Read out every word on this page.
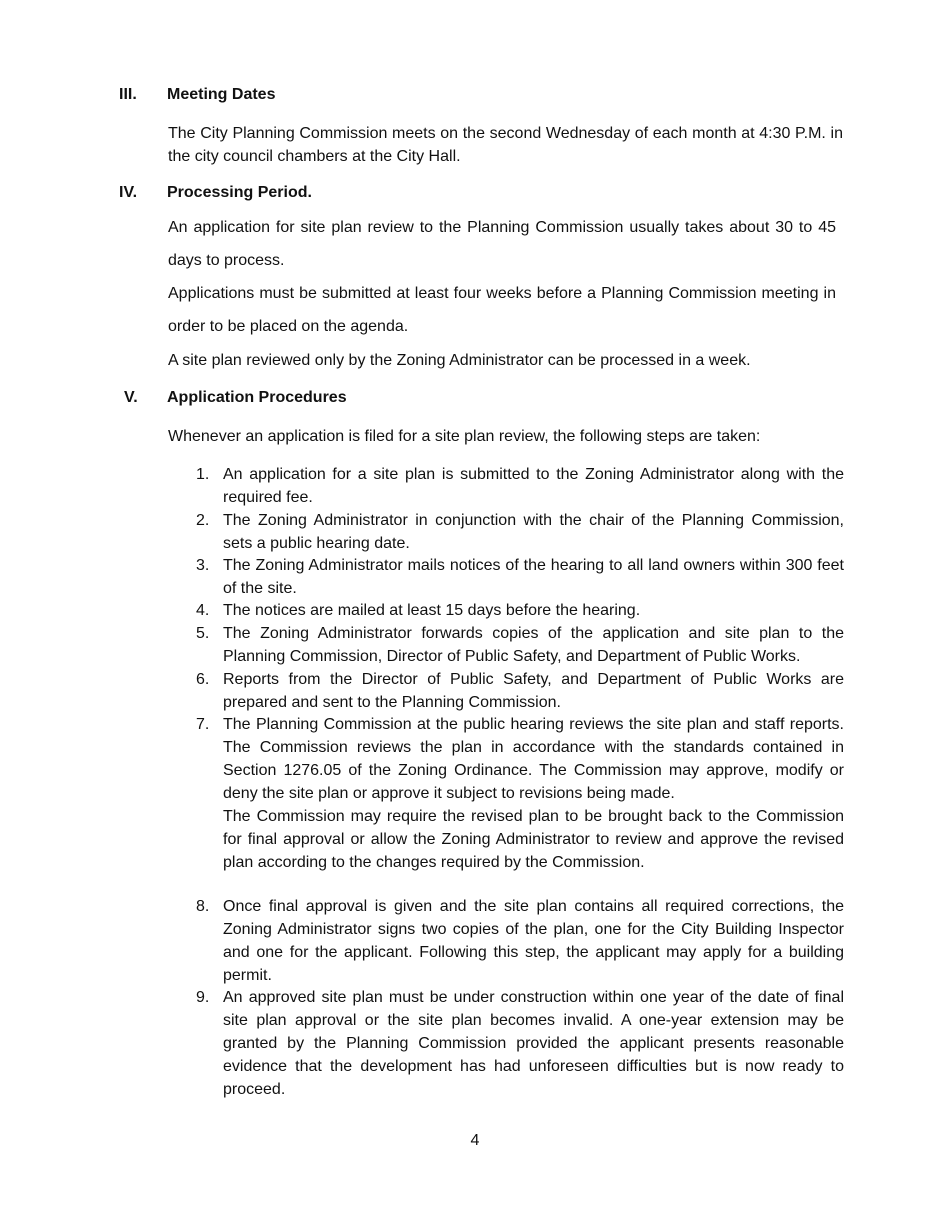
III. Meeting Dates
The City Planning Commission meets on the second Wednesday of each month at 4:30 P.M. in the city council chambers at the City Hall.
IV. Processing Period.
An application for site plan review to the Planning Commission usually takes about 30 to 45 days to process.
Applications must be submitted at least four weeks before a Planning Commission meeting in order to be placed on the agenda.
A site plan reviewed only by the Zoning Administrator can be processed in a week.
V. Application Procedures
Whenever an application is filed for a site plan review, the following steps are taken:
1. An application for a site plan is submitted to the Zoning Administrator along with the required fee.
2. The Zoning Administrator in conjunction with the chair of the Planning Commission, sets a public hearing date.
3. The Zoning Administrator mails notices of the hearing to all land owners within 300 feet of the site.
4. The notices are mailed at least 15 days before the hearing.
5. The Zoning Administrator forwards copies of the application and site plan to the Planning Commission, Director of Public Safety, and Department of Public Works.
6. Reports from the Director of Public Safety, and Department of Public Works are prepared and sent to the Planning Commission.
7. The Planning Commission at the public hearing reviews the site plan and staff reports. The Commission reviews the plan in accordance with the standards contained in Section 1276.05 of the Zoning Ordinance. The Commission may approve, modify or deny the site plan or approve it subject to revisions being made.

The Commission may require the revised plan to be brought back to the Commission for final approval or allow the Zoning Administrator to review and approve the revised plan according to the changes required by the Commission.

8. Once final approval is given and the site plan contains all required corrections, the Zoning Administrator signs two copies of the plan, one for the City Building Inspector and one for the applicant. Following this step, the applicant may apply for a building permit.
9. An approved site plan must be under construction within one year of the date of final site plan approval or the site plan becomes invalid. A one-year extension may be granted by the Planning Commission provided the applicant presents reasonable evidence that the development has had unforeseen difficulties but is now ready to proceed.
4
